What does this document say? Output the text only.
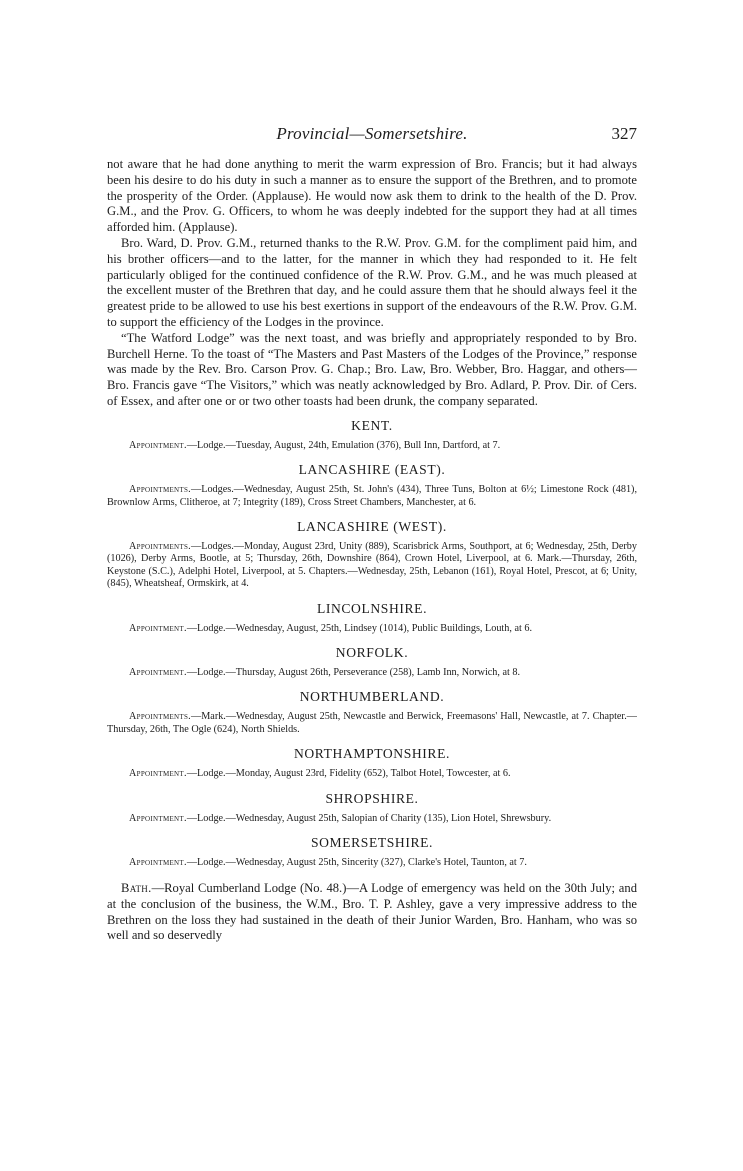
Provincial—Somersetshire.	327

not aware that he had done anything to merit the warm expression of Bro. Francis; but it had always been his desire to do his duty in such a manner as to ensure the support of the Brethren, and to promote the prosperity of the Order. (Applause). He would now ask them to drink to the health of the D. Prov. G.M., and the Prov. G. Officers, to whom he was deeply indebted for the support they had at all times afforded him. (Applause).

Bro. Ward, D. Prov. G.M., returned thanks to the R.W. Prov. G.M. for the compliment paid him, and his brother officers—and to the latter, for the manner in which they had responded to it. He felt particularly obliged for the continued confidence of the R.W. Prov. G.M., and he was much pleased at the excellent muster of the Brethren that day, and he could assure them that he should always feel it the greatest pride to be allowed to use his best exertions in support of the endeavours of the R.W. Prov. G.M. to support the efficiency of the Lodges in the province.

“The Watford Lodge” was the next toast, and was briefly and appropriately responded to by Bro. Burchell Herne. To the toast of “The Masters and Past Masters of the Lodges of the Province,” response was made by the Rev. Bro. Carson Prov. G. Chap.; Bro. Law, Bro. Webber, Bro. Haggar, and others—Bro. Francis gave “The Visitors,” which was neatly acknowledged by Bro. Adlard, P. Prov. Dir. of Cers. of Essex, and after one or or two other toasts had been drunk, the company separated.

KENT.

Appointment.—Lodge.—Tuesday, August, 24th, Emulation (376), Bull Inn, Dartford, at 7.

LANCASHIRE (EAST).

Appointments.—Lodges.—Wednesday, August 25th, St. John's (434), Three Tuns, Bolton at 6½; Limestone Rock (481), Brownlow Arms, Clitheroe, at 7; Integrity (189), Cross Street Chambers, Manchester, at 6.

LANCASHIRE (WEST).

Appointments.—Lodges.—Monday, August 23rd, Unity (889), Scarisbrick Arms, Southport, at 6; Wednesday, 25th, Derby (1026), Derby Arms, Bootle, at 5; Thursday, 26th, Downshire (864), Crown Hotel, Liverpool, at 6. Mark.—Thursday, 26th, Keystone (S.C.), Adelphi Hotel, Liverpool, at 5. Chapters.—Wednesday, 25th, Lebanon (161), Royal Hotel, Prescot, at 6; Unity, (845), Wheatsheaf, Ormskirk, at 4.

LINCOLNSHIRE.

Appointment.—Lodge.—Wednesday, August, 25th, Lindsey (1014), Public Buildings, Louth, at 6.

NORFOLK.

Appointment.—Lodge.—Thursday, August 26th, Perseverance (258), Lamb Inn, Norwich, at 8.

NORTHUMBERLAND.

Appointments.—Mark.—Wednesday, August 25th, Newcastle and Berwick, Freemasons' Hall, Newcastle, at 7. Chapter.—Thursday, 26th, The Ogle (624), North Shields.

NORTHAMPTONSHIRE.

Appointment.—Lodge.—Monday, August 23rd, Fidelity (652), Talbot Hotel, Towcester, at 6.

SHROPSHIRE.

Appointment.—Lodge.—Wednesday, August 25th, Salopian of Charity (135), Lion Hotel, Shrewsbury.

SOMERSETSHIRE.

Appointment.—Lodge.—Wednesday, August 25th, Sincerity (327), Clarke's Hotel, Taunton, at 7.

Bath.—Royal Cumberland Lodge (No. 48.)—A Lodge of emergency was held on the 30th July; and at the conclusion of the business, the W.M., Bro. T. P. Ashley, gave a very impressive address to the Brethren on the loss they had sustained in the death of their Junior Warden, Bro. Hanham, who was so well and so deservedly
